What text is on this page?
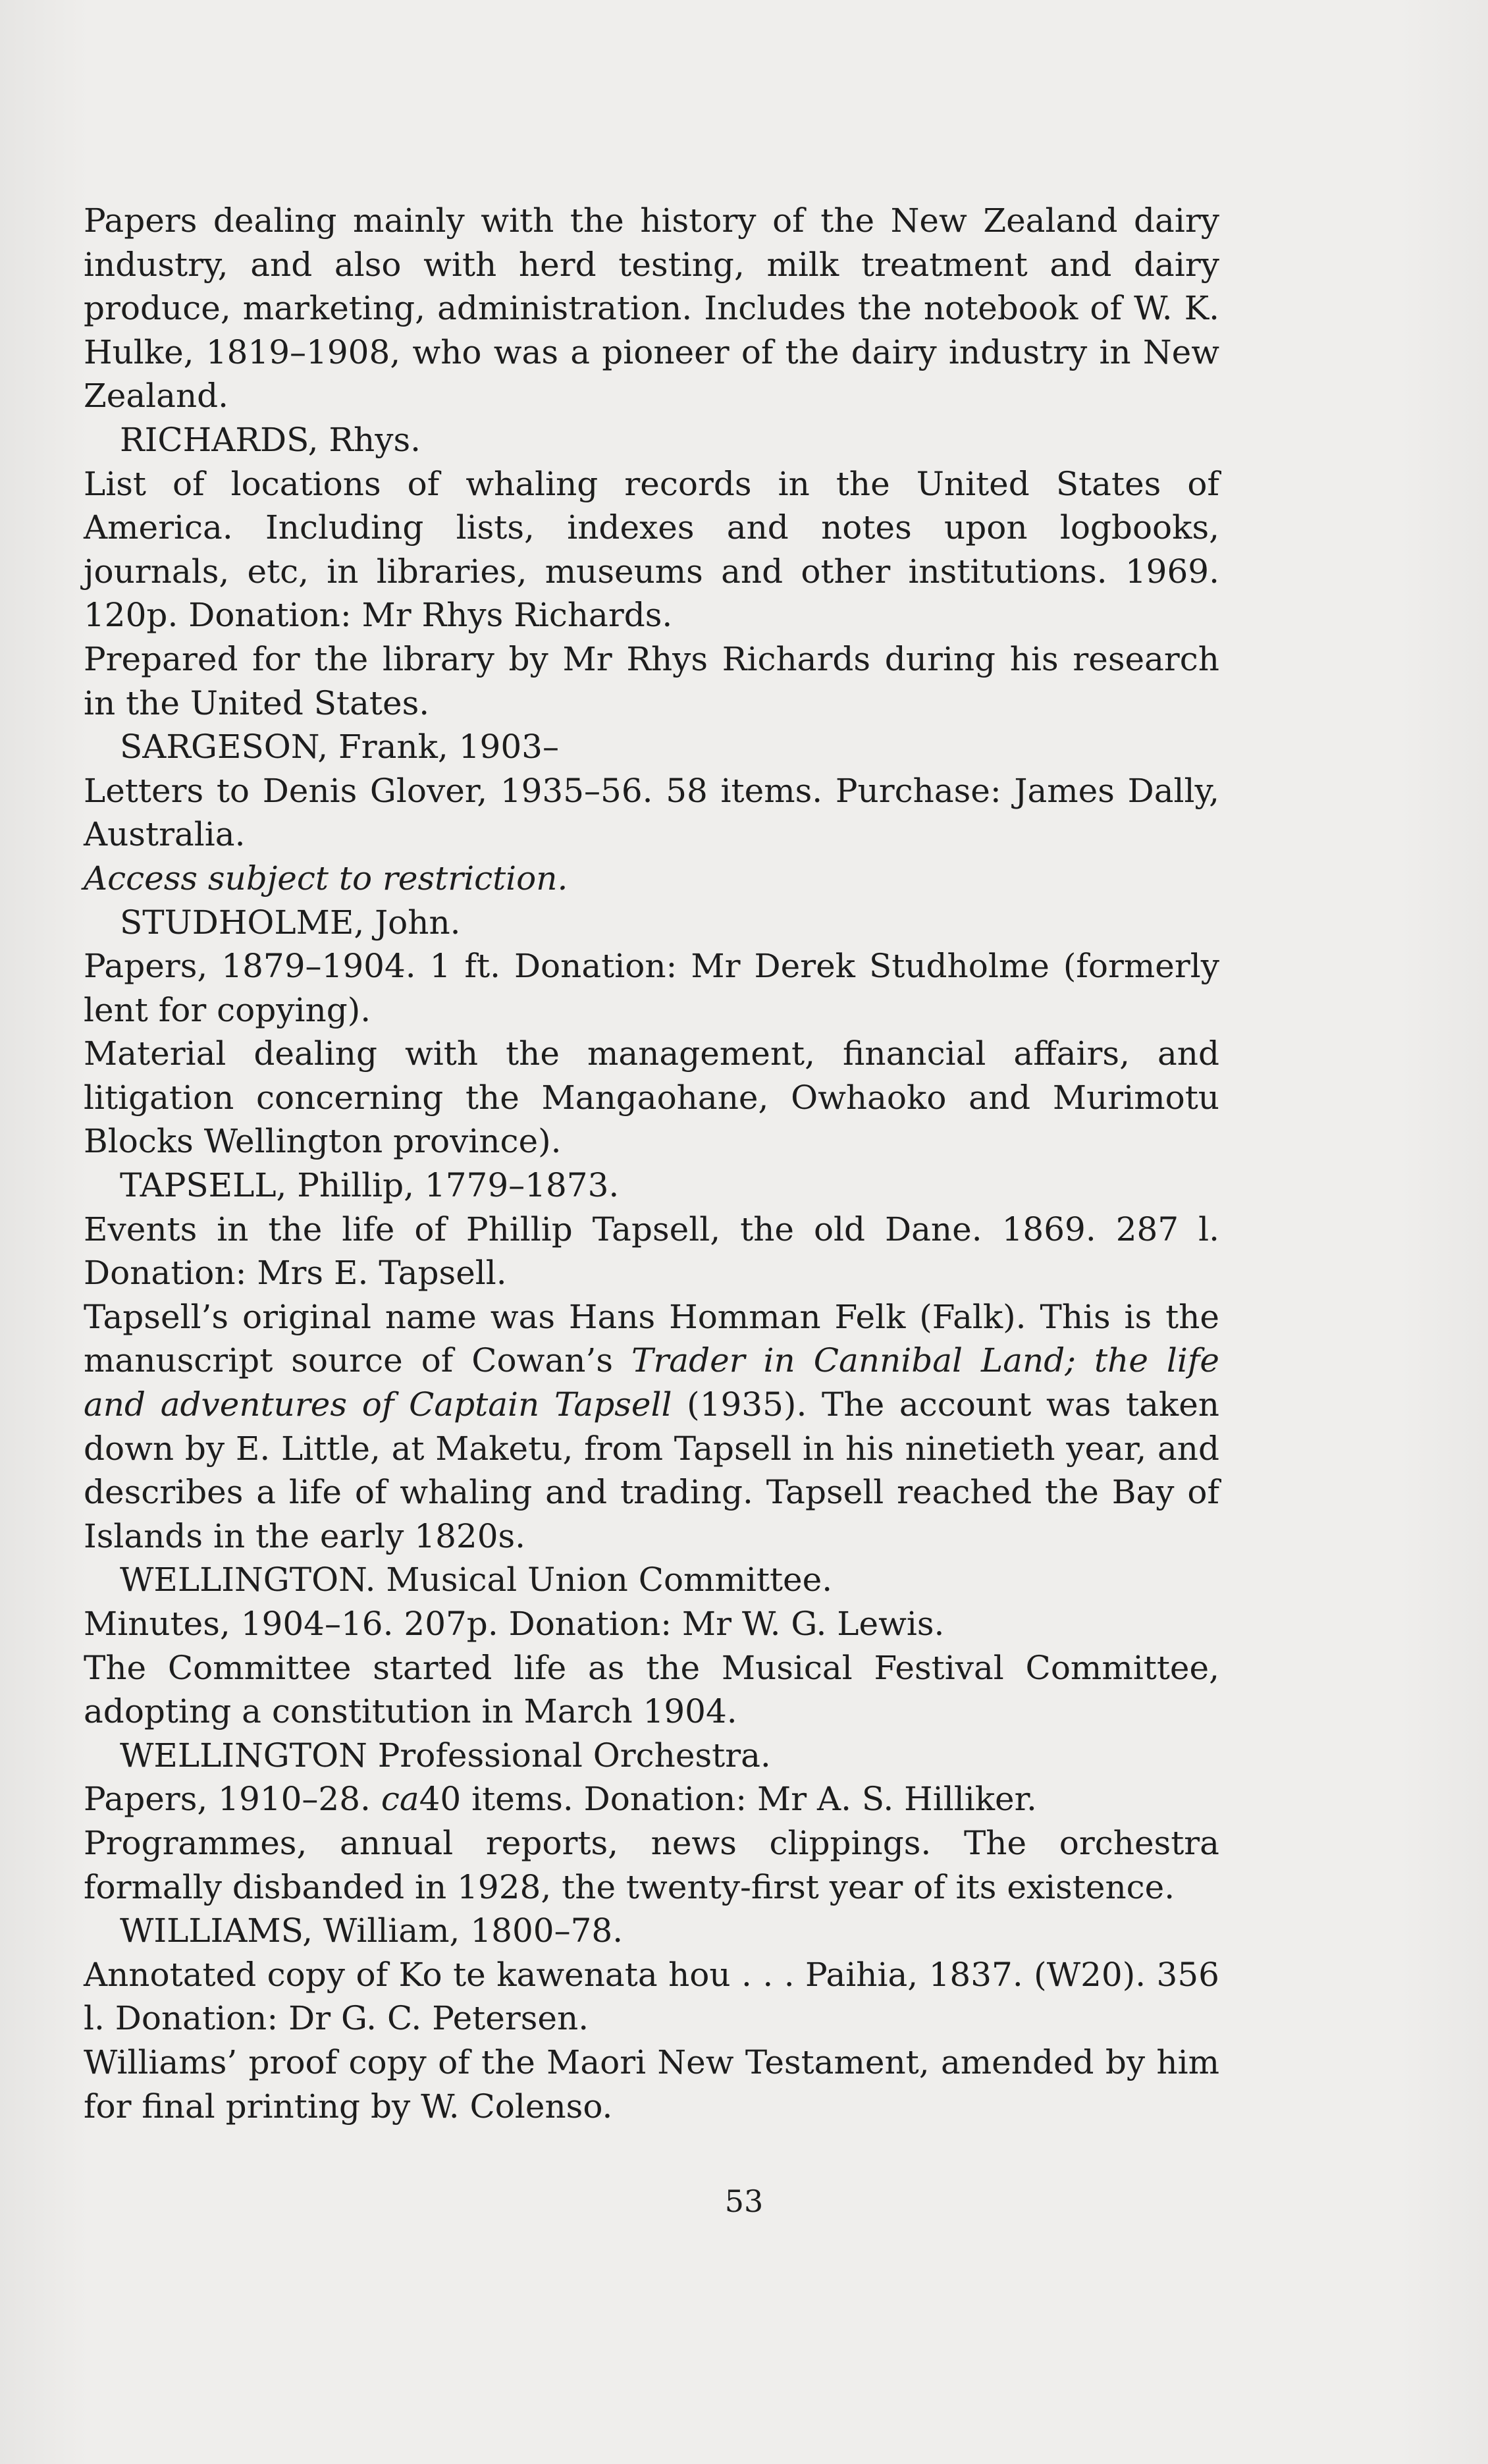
Papers dealing mainly with the history of the New Zealand dairy industry, and also with herd testing, milk treatment and dairy produce, marketing, administration. Includes the notebook of W. K. Hulke, 1819–1908, who was a pioneer of the dairy industry in New Zealand.

RICHARDS, Rhys.

List of locations of whaling records in the United States of America. Including lists, indexes and notes upon logbooks, journals, etc, in libraries, museums and other institutions. 1969. 120p. Donation: Mr Rhys Richards.

Prepared for the library by Mr Rhys Richards during his research in the United States.

SARGESON, Frank, 1903–

Letters to Denis Glover, 1935–56. 58 items. Purchase: James Dally, Australia.

Access subject to restriction.

STUDHOLME, John.

Papers, 1879–1904. 1 ft. Donation: Mr Derek Studholme (formerly lent for copying).

Material dealing with the management, financial affairs, and litigation concerning the Mangaohane, Owhaoko and Murimotu Blocks Wellington province).

TAPSELL, Phillip, 1779–1873.

Events in the life of Phillip Tapsell, the old Dane. 1869. 287 l. Donation: Mrs E. Tapsell.

Tapsell’s original name was Hans Homman Felk (Falk). This is the manuscript source of Cowan’s Trader in Cannibal Land; the life and adventures of Captain Tapsell (1935). The account was taken down by E. Little, at Maketu, from Tapsell in his ninetieth year, and describes a life of whaling and trading. Tapsell reached the Bay of Islands in the early 1820s.

WELLINGTON. Musical Union Committee.

Minutes, 1904–16. 207p. Donation: Mr W. G. Lewis.

The Committee started life as the Musical Festival Committee, adopting a constitution in March 1904.

WELLINGTON Professional Orchestra.

Papers, 1910–28. ca40 items. Donation: Mr A. S. Hilliker.

Programmes, annual reports, news clippings. The orchestra formally disbanded in 1928, the twenty-first year of its existence.

WILLIAMS, William, 1800–78.

Annotated copy of Ko te kawenata hou . . . Paihia, 1837. (W20). 356 l. Donation: Dr G. C. Petersen.

Williams’ proof copy of the Maori New Testament, amended by him for final printing by W. Colenso.

53
